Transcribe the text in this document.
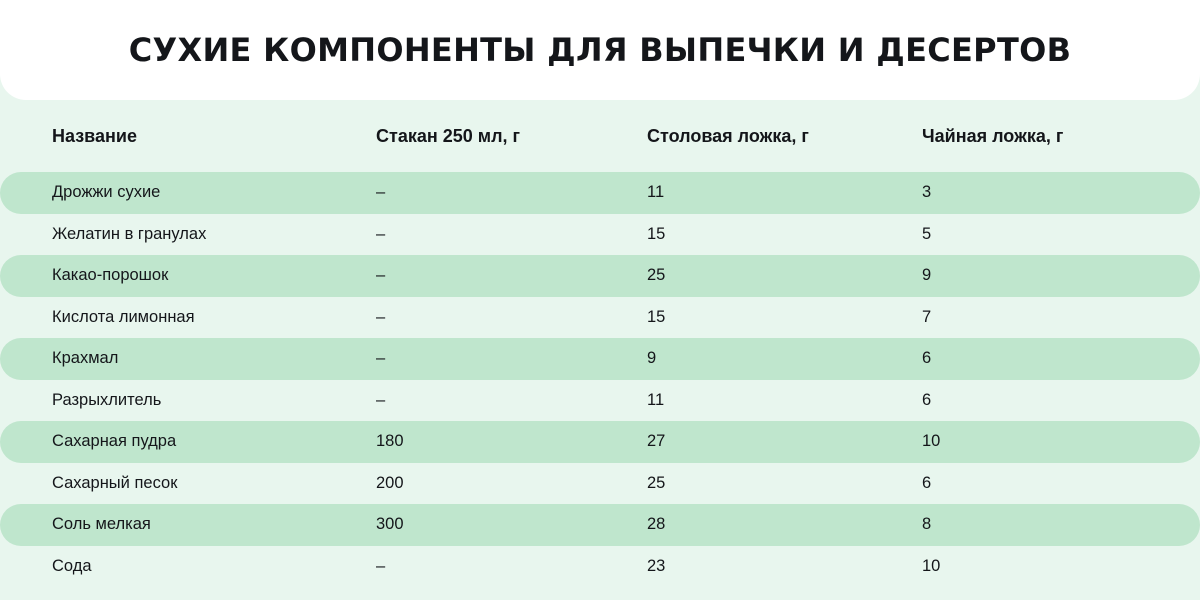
СУХИЕ КОМПОНЕНТЫ ДЛЯ ВЫПЕЧКИ И ДЕСЕРТОВ
Название	Стакан 250 мл, г	Столовая ложка, г	Чайная ложка, г
Дрожжи сухие	–	11	3
Желатин в гранулах	–	15	5
Какао-порошок	–	25	9
Кислота лимонная	–	15	7
Крахмал	–	9	6
Разрыхлитель	–	11	6
Сахарная пудра	180	27	10
Сахарный песок	200	25	6
Соль мелкая	300	28	8
Сода	–	23	10
